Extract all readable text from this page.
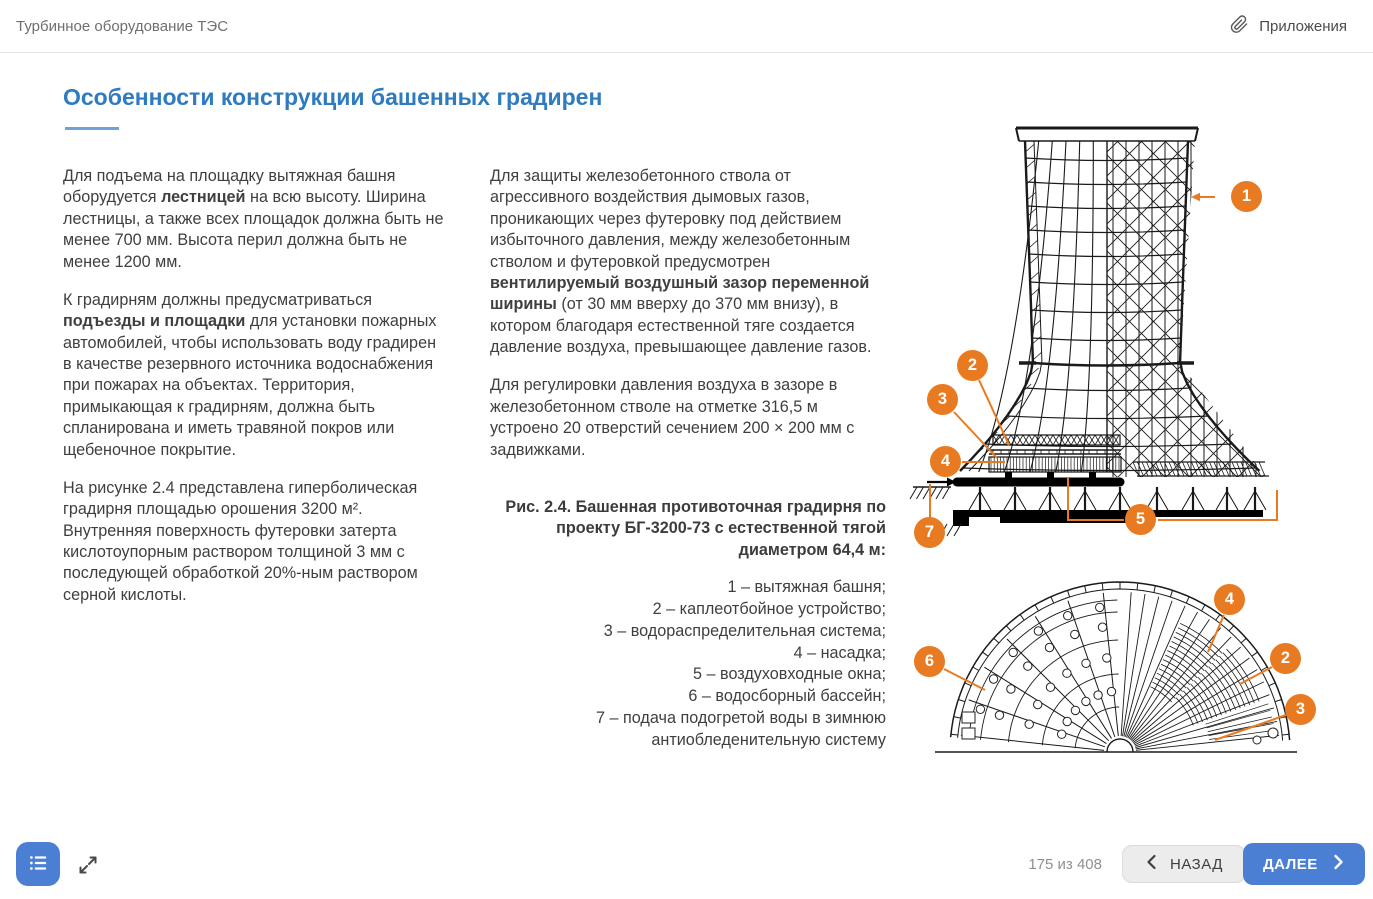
Турбинное оборудование ТЭС	Приложения
Особенности конструкции башенных градирен

Для подъема на площадку вытяжная башня оборудуется лестницей на всю высоту. Ширина лестницы, а также всех площадок должна быть не менее 700 мм. Высота перил должна быть не менее 1200 мм.

К градирням должны предусматриваться подъезды и площадки для установки пожарных автомобилей, чтобы использовать воду градирен в качестве резервного источника водоснабжения при пожарах на объектах. Территория, примыкающая к градирням, должна быть спланирована и иметь травяной покров или щебеночное покрытие.

На рисунке 2.4 представлена гиперболическая градирня площадью орошения 3200 м². Внутренняя поверхность футеровки затерта кислотоупорным раствором толщиной 3 мм с последующей обработкой 20%-ным раствором серной кислоты.

Для защиты железобетонного ствола от агрессивного воздействия дымовых газов, проникающих через футеровку под действием избыточного давления, между железобетонным стволом и футеровкой предусмотрен вентилируемый воздушный зазор переменной ширины (от 30 мм вверху до 370 мм внизу), в котором благодаря естественной тяге создается давление воздуха, превышающее давление газов.

Для регулировки давления воздуха в зазоре в железобетонном стволе на отметке 316,5 м устроено 20 отверстий сечением 200 × 200 мм с задвижками.

Рис. 2.4. Башенная противоточная градирня по проекту БГ-3200-73 с естественной тягой диаметром 64,4 м:
1 – вытяжная башня;
2 – каплеотбойное устройство;
3 – водораспределительная система;
4 – насадка;
5 – воздуховходные окна;
6 – водосборный бассейн;
7 – подача подогретой воды в зимнюю антиобледенительную систему
1
2
3
4
5
7
6
4
2
3
175 из 408	НАЗАД	ДАЛЕЕ
